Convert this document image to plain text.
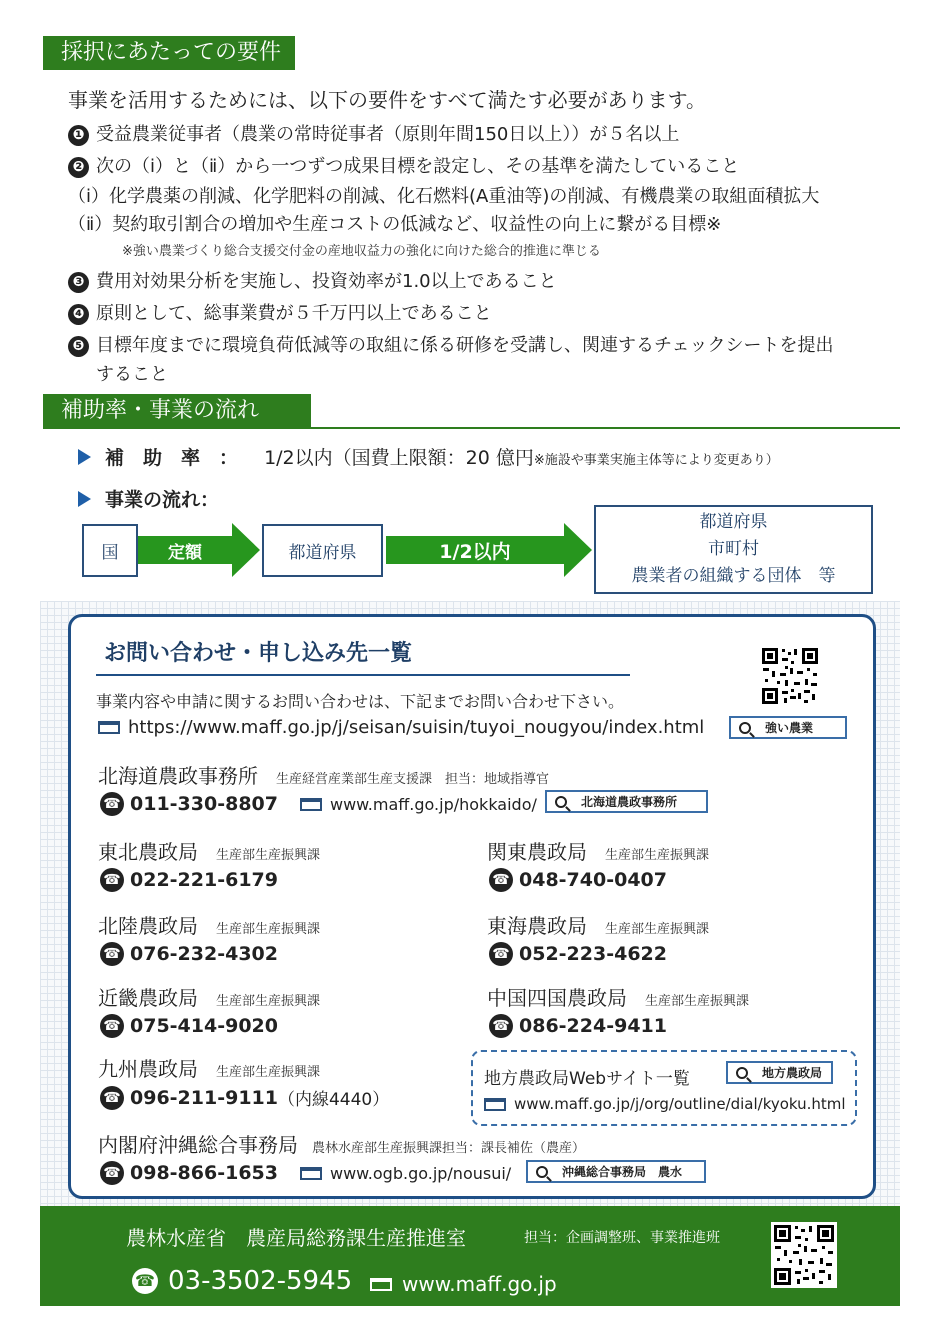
採択にあたっての要件
事業を活用するためには、以下の要件をすべて満たす必要があります。
❶ 受益農業従事者（農業の常時従事者（原則年間150日以上））が５名以上
❷ 次の（ⅰ）と（ⅱ）から一つずつ成果目標を設定し、その基準を満たしていること
（ⅰ）化学農薬の削減、化学肥料の削減、化石燃料(A重油等)の削減、有機農業の取組面積拡大
（ⅱ）契約取引割合の増加や生産コストの低減など、収益性の向上に繋がる目標※
※強い農業づくり総合支援交付金の産地収益力の強化に向けた総合的推進に準じる
❸ 費用対効果分析を実施し、投資効率が1.0以上であること
❹ 原則として、総事業費が５千万円以上であること
❺ 目標年度までに環境負荷低減等の取組に係る研修を受講し、関連するチェックシートを提出
すること
補助率・事業の流れ
補　助　率　： 1/2以内（国費上限額：20 億円※施設や事業実施主体等により変更あり）
事業の流れ：
国	定額	都道府県	1/2以内
都道府県
市町村
農業者の組織する団体　等
お問い合わせ・申し込み先一覧
事業内容や申請に関するお問い合わせは、下記までお問い合わせ下さい。
https://www.maff.go.jp/j/seisan/suisin/tuyoi_nougyou/index.html	強い農業
北海道農政事務所 生産経営産業部生産支援課　担当：地域指導官
☎ 011-330-8807	www.maff.go.jp/hokkaido/	北海道農政事務所
東北農政局 生産部生産振興課
☎ 022-221-6179
関東農政局 生産部生産振興課
☎ 048-740-0407
北陸農政局 生産部生産振興課
☎ 076-232-4302
東海農政局 生産部生産振興課
☎ 052-223-4622
近畿農政局 生産部生産振興課
☎ 075-414-9020
中国四国農政局 生産部生産振興課
☎ 086-224-9411
九州農政局 生産部生産振興課
☎ 096-211-9111 （内線4440）
地方農政局Webサイト一覧	地方農政局
www.maff.go.jp/j/org/outline/dial/kyoku.html
内閣府沖縄総合事務局 農林水産部生産振興課担当：課長補佐（農産）
☎ 098-866-1653	www.ogb.go.jp/nousui/	沖縄総合事務局　農水
農林水産省　農産局総務課生産推進室	担当：企画調整班、事業推進班
☎ 03-3502-5945 www.maff.go.jp
